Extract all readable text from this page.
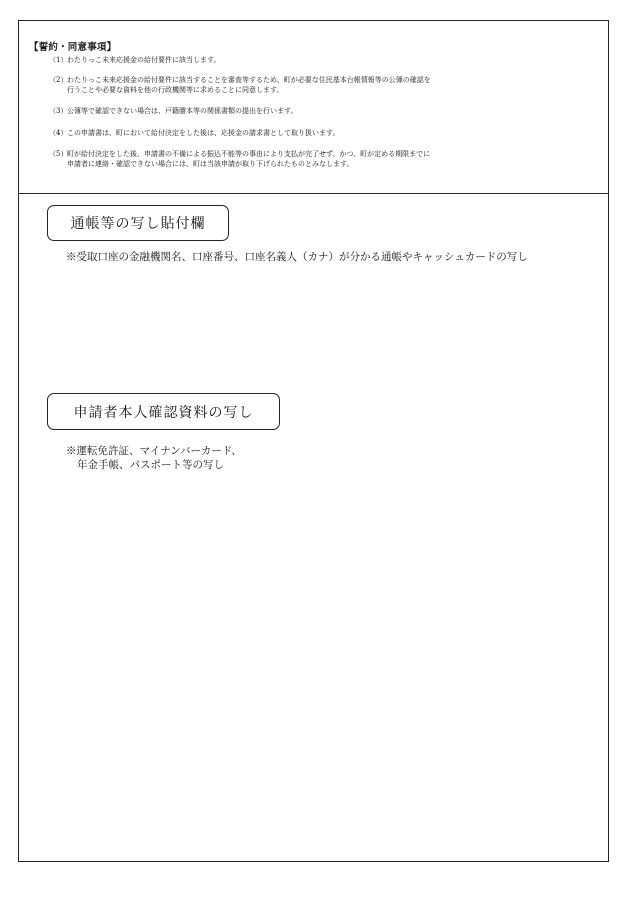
【誓約・同意事項】
（1）わたりっこ未来応援金の給付要件に該当します。
（2）わたりっこ未来応援金の給付要件に該当することを審査等するため、町が必要な住民基本台帳情報等の公簿の確認を
行うことや必要な資料を他の行政機関等に求めることに同意します。
（3）公簿等で確認できない場合は、戸籍謄本等の関係書類の提出を行います。
（4）この申請書は、町において給付決定をした後は、応援金の請求書として取り扱います。
（5）町が給付決定をした後、申請書の不備による振込不能等の事由により支払が完了せず、かつ、町が定める期限までに
申請者に連絡・確認できない場合には、町は当該申請が取り下げられたものとみなします。
通帳等の写し貼付欄
※受取口座の金融機関名、口座番号、口座名義人（カナ）が分かる通帳やキャッシュカードの写し
申請者本人確認資料の写し
※運転免許証、マイナンバーカード、
年金手帳、パスポート等の写し
